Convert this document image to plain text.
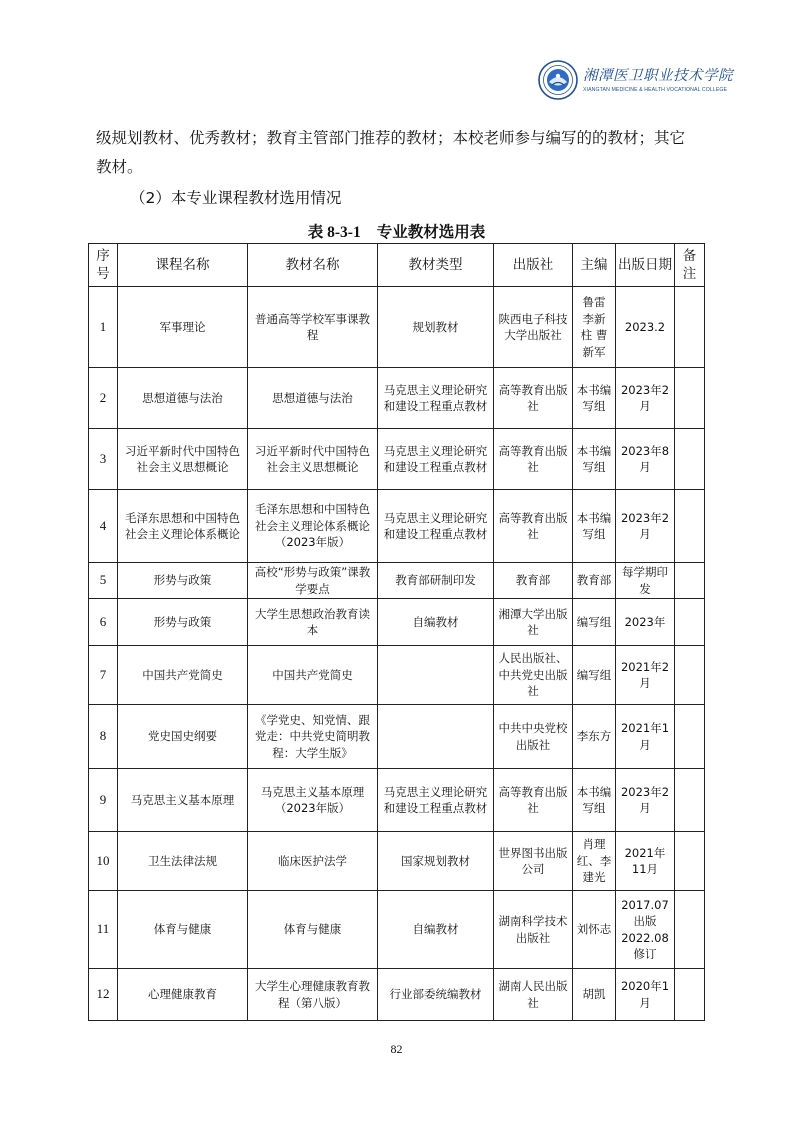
湘潭医卫职业技术学院
XIANGTAN MEDICINE & HEALTH VOCATIONAL COLLEGE
级规划教材、优秀教材；教育主管部门推荐的教材；本校老师参与编写的的教材；其它
教材。
（2）本专业课程教材选用情况
表 8-3-1 专业教材选用表
序号	课程名称	教材名称	教材类型	出版社	主编	出版日期	备注
1	军事理论	普通高等学校军事课教程	规划教材	陕西电子科技大学出版社	鲁雷 李新 柱 曹 新军	2023.2	
2	思想道德与法治	思想道德与法治	马克思主义理论研究和建设工程重点教材	高等教育出版社	本书编写组	2023年2月	
3	习近平新时代中国特色社会主义思想概论	习近平新时代中国特色社会主义思想概论	马克思主义理论研究和建设工程重点教材	高等教育出版社	本书编写组	2023年8月	
4	毛泽东思想和中国特色社会主义理论体系概论	毛泽东思想和中国特色社会主义理论体系概论（2023年版）	马克思主义理论研究和建设工程重点教材	高等教育出版社	本书编写组	2023年2月	
5	形势与政策	高校“形势与政策”课教学要点	教育部研制印发	教育部	教育部	每学期印发	
6	形势与政策	大学生思想政治教育读本	自编教材	湘潭大学出版社	编写组	2023年	
7	中国共产党简史	中国共产党简史		人民出版社、中共党史出版社	编写组	2021年2月	
8	党史国史纲要	《学党史、知党情、跟党走：中共党史简明教程：大学生版》		中共中央党校出版社	李东方	2021年1月	
9	马克思主义基本原理	马克思主义基本原理（2023年版）	马克思主义理论研究和建设工程重点教材	高等教育出版社	本书编写组	2023年2月	
10	卫生法律法规	临床医护法学	国家规划教材	世界图书出版公司	肖理红、李建光	2021年11月	
11	体育与健康	体育与健康	自编教材	湖南科学技术出版社	刘怀志	2017.07出版2022.08修订	
12	心理健康教育	大学生心理健康教育教程（第八版）	行业部委统编教材	湖南人民出版社	胡凯	2020年1月	
82
